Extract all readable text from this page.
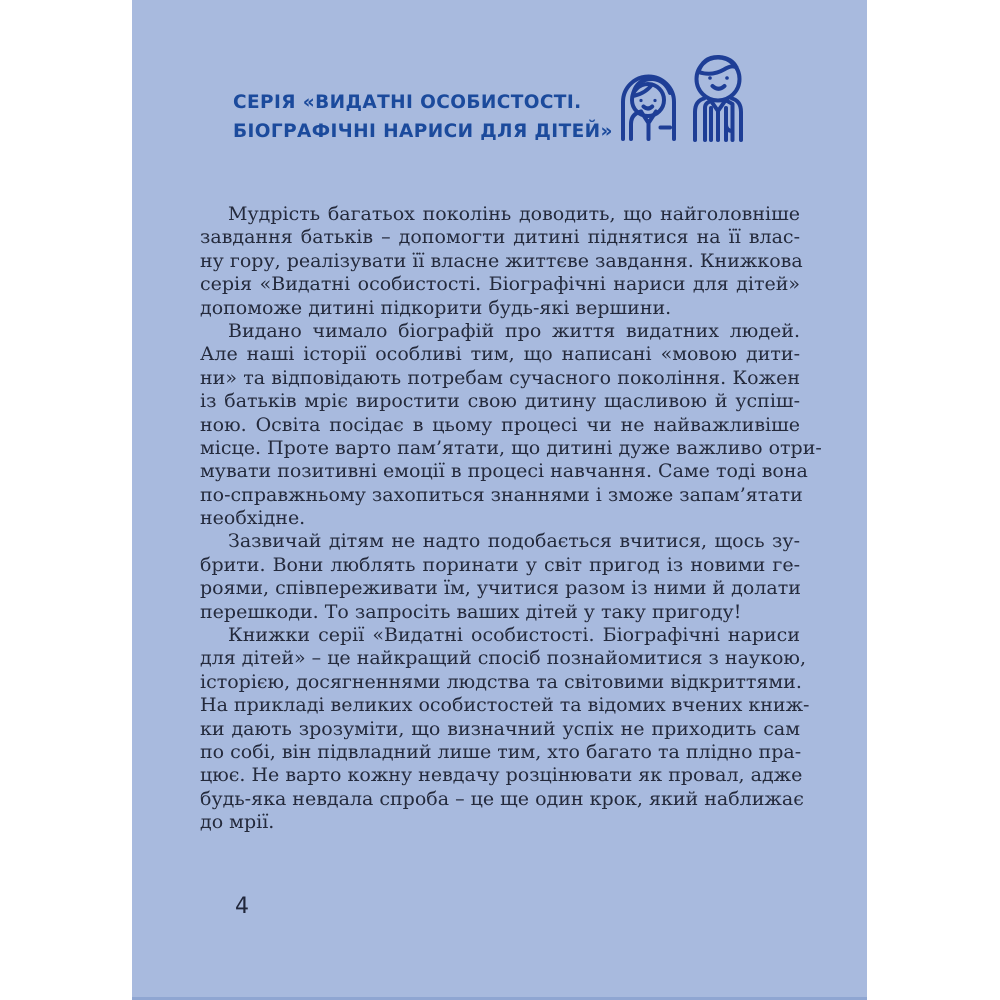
СЕРІЯ «ВИДАТНІ ОСОБИСТОСТІ.
БІОГРАФІЧНІ НАРИСИ ДЛЯ ДІТЕЙ»
Мудрість багатьох поколінь доводить, що найголовніше
завдання батьків – допомогти дитині піднятися на її влас-
ну гору, реалізувати її власне життєве завдання. Книжкова
серія «Видатні особистості. Біографічні нариси для дітей»
допоможе дитині підкорити будь-які вершини.
Видано чимало біографій про життя видатних людей.
Але наші історії особливі тим, що написані «мовою дити-
ни» та відповідають потребам сучасного покоління. Кожен
із батьків мріє виростити свою дитину щасливою й успіш-
ною. Освіта посідає в цьому процесі чи не найважливіше
місце. Проте варто пам’ятати, що дитині дуже важливо отри-
мувати позитивні емоції в процесі навчання. Саме тоді вона
по-справжньому захопиться знаннями і зможе запам’ятати
необхідне.
Зазвичай дітям не надто подобається вчитися, щось зу-
брити. Вони люблять поринати у світ пригод із новими ге-
роями, співпереживати їм, учитися разом із ними й долати
перешкоди. То запросіть ваших дітей у таку пригоду!
Книжки серії «Видатні особистості. Біографічні нариси
для дітей» – це найкращий спосіб познайомитися з наукою,
історією, досягненнями людства та світовими відкриттями.
На прикладі великих особистостей та відомих вчених книж-
ки дають зрозуміти, що визначний успіх не приходить сам
по собі, він підвладний лише тим, хто багато та плідно пра-
цює. Не варто кожну невдачу розцінювати як провал, адже
будь-яка невдала спроба – це ще один крок, який наближає
до мрії.
4
